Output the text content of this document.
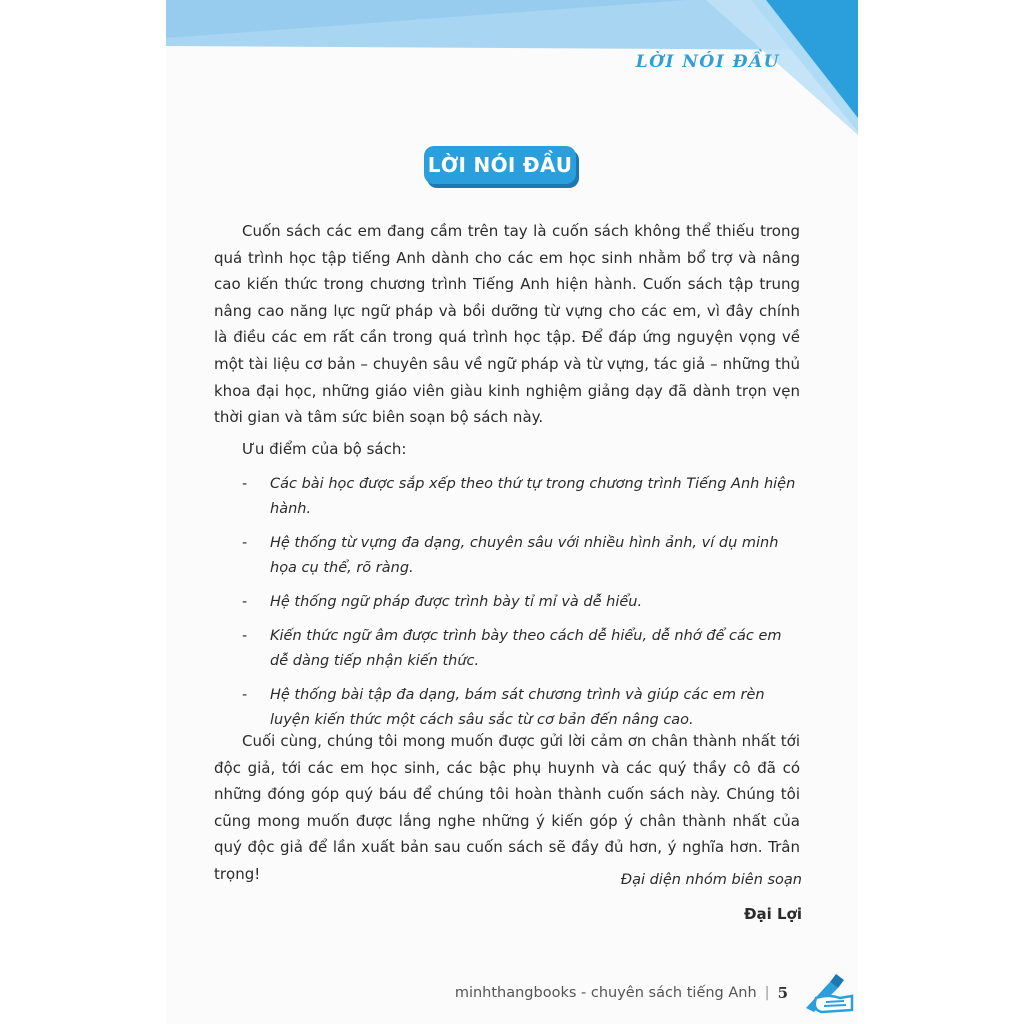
LỜI NÓI ĐẦU
LỜI NÓI ĐẦU

Cuốn sách các em đang cầm trên tay là cuốn sách không thể thiếu trong quá trình học tập tiếng Anh dành cho các em học sinh nhằm bổ trợ và nâng cao kiến thức trong chương trình Tiếng Anh hiện hành. Cuốn sách tập trung nâng cao năng lực ngữ pháp và bồi dưỡng từ vựng cho các em, vì đây chính là điều các em rất cần trong quá trình học tập. Để đáp ứng nguyện vọng về một tài liệu cơ bản – chuyên sâu về ngữ pháp và từ vựng, tác giả – những thủ khoa đại học, những giáo viên giàu kinh nghiệm giảng dạy đã dành trọn vẹn thời gian và tâm sức biên soạn bộ sách này.

Ưu điểm của bộ sách:
- Các bài học được sắp xếp theo thứ tự trong chương trình Tiếng Anh hiện hành.
- Hệ thống từ vựng đa dạng, chuyên sâu với nhiều hình ảnh, ví dụ minh họa cụ thể, rõ ràng.
- Hệ thống ngữ pháp được trình bày tỉ mỉ và dễ hiểu.
- Kiến thức ngữ âm được trình bày theo cách dễ hiểu, dễ nhớ để các em dễ dàng tiếp nhận kiến thức.
- Hệ thống bài tập đa dạng, bám sát chương trình và giúp các em rèn luyện kiến thức một cách sâu sắc từ cơ bản đến nâng cao.

Cuối cùng, chúng tôi mong muốn được gửi lời cảm ơn chân thành nhất tới độc giả, tới các em học sinh, các bậc phụ huynh và các quý thầy cô đã có những đóng góp quý báu để chúng tôi hoàn thành cuốn sách này. Chúng tôi cũng mong muốn được lắng nghe những ý kiến góp ý chân thành nhất của quý độc giả để lần xuất bản sau cuốn sách sẽ đầy đủ hơn, ý nghĩa hơn. Trân trọng!	Đại diện nhóm biên soạn
Đại Lợi
minhthangbooks - chuyên sách tiếng Anh | 5
